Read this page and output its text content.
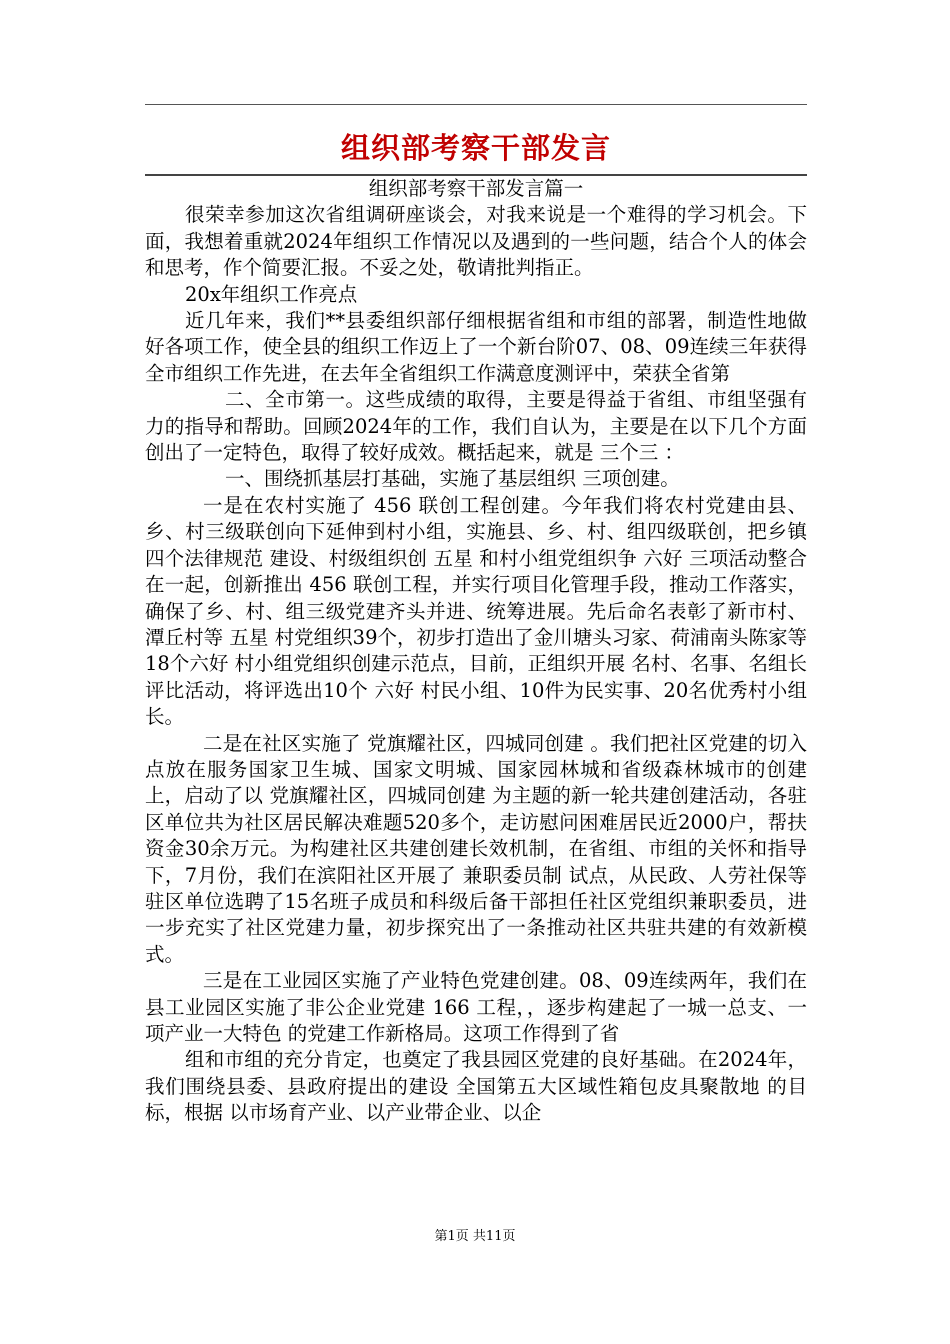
组织部考察干部发言

组织部考察干部发言篇一

很荣幸参加这次省组调研座谈会，对我来说是一个难得的学习机会。下面，我想着重就2024年组织工作情况以及遇到的一些问题，结合个人的体会和思考，作个简要汇报。不妥之处，敬请批判指正。

20x年组织工作亮点

近几年来，我们**县委组织部仔细根据省组和市组的部署，制造性地做好各项工作，使全县的组织工作迈上了一个新台阶07、08、09连续三年获得全市组织工作先进，在去年全省组织工作满意度测评中，荣获全省第

二、全市第一。这些成绩的取得，主要是得益于省组、市组坚强有力的指导和帮助。回顾2024年的工作，我们自认为，主要是在以下几个方面创出了一定特色，取得了较好成效。概括起来，就是 三个三 ：

一、围绕抓基层打基础，实施了基层组织 三项创建。

一是在农村实施了 456 联创工程创建。今年我们将农村党建由县、乡、村三级联创向下延伸到村小组，实施县、乡、村、组四级联创，把乡镇 四个法律规范 建设、村级组织创 五星 和村小组党组织争 六好 三项活动整合在一起，创新推出 456 联创工程，并实行项目化管理手段，推动工作落实，确保了乡、村、组三级党建齐头并进、统筹进展。先后命名表彰了新市村、潭丘村等 五星 村党组织39个，初步打造出了金川塘头习家、荷浦南头陈家等18个六好 村小组党组织创建示范点，目前，正组织开展 名村、名事、名组长 评比活动，将评选出10个 六好 村民小组、10件为民实事、20名优秀村小组长。

二是在社区实施了 党旗耀社区，四城同创建 。我们把社区党建的切入点放在服务国家卫生城、国家文明城、国家园林城和省级森林城市的创建上，启动了以 党旗耀社区，四城同创建 为主题的新一轮共建创建活动，各驻区单位共为社区居民解决难题520多个，走访慰问困难居民近2000户，帮扶资金30余万元。为构建社区共建创建长效机制，在省组、市组的关怀和指导下，7月份，我们在滨阳社区开展了 兼职委员制 试点，从民政、人劳社保等驻区单位选聘了15名班子成员和科级后备干部担任社区党组织兼职委员，进一步充实了社区党建力量，初步探究出了一条推动社区共驻共建的有效新模式。

三是在工业园区实施了产业特色党建创建。08、09连续两年，我们在县工业园区实施了非公企业党建 166 工程，，逐步构建起了一城一总支、一项产业一大特色 的党建工作新格局。这项工作得到了省

组和市组的充分肯定，也奠定了我县园区党建的良好基础。在2024年，我们围绕县委、县政府提出的建设 全国第五大区域性箱包皮具聚散地 的目标，根据 以市场育产业、以产业带企业、以企

第1页 共11页
